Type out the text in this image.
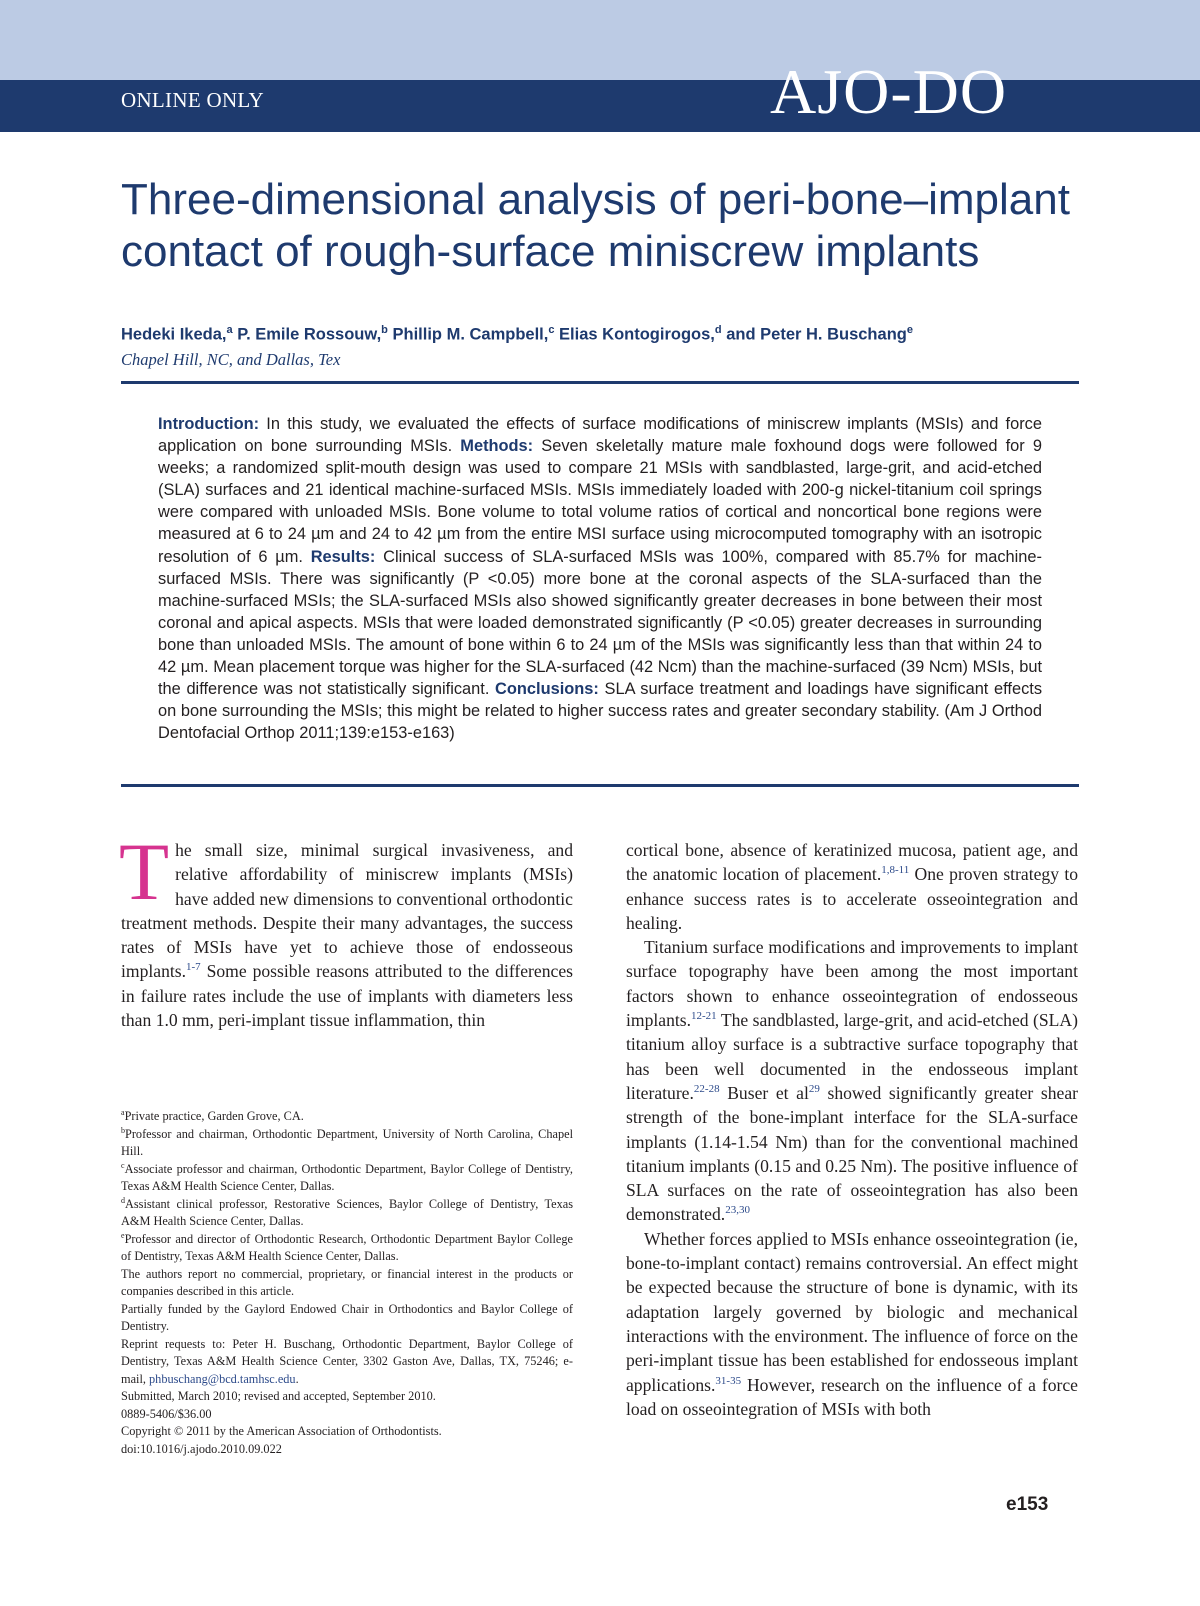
ONLINE ONLY	AJO-DO
Three-dimensional analysis of peri-bone–implant contact of rough-surface miniscrew implants
Hedeki Ikeda,$^a$ P. Emile Rossouw,$^b$ Phillip M. Campbell,$^c$ Elias Kontogirogos,$^d$ and Peter H. Buschang$^e$
Chapel Hill, NC, and Dallas, Tex
Introduction: In this study, we evaluated the effects of surface modifications of miniscrew implants (MSIs) and force application on bone surrounding MSIs. Methods: Seven skeletally mature male foxhound dogs were followed for 9 weeks; a randomized split-mouth design was used to compare 21 MSIs with sandblasted, large-grit, and acid-etched (SLA) surfaces and 21 identical machine-surfaced MSIs. MSIs immediately loaded with 200-g nickel-titanium coil springs were compared with unloaded MSIs. Bone volume to total volume ratios of cortical and noncortical bone regions were measured at 6 to 24 µm and 24 to 42 µm from the entire MSI surface using microcomputed tomography with an isotropic resolution of 6 µm. Results: Clinical success of SLA-surfaced MSIs was 100%, compared with 85.7% for machine-surfaced MSIs. There was significantly (P <0.05) more bone at the coronal aspects of the SLA-surfaced than the machine-surfaced MSIs; the SLA-surfaced MSIs also showed significantly greater decreases in bone between their most coronal and apical aspects. MSIs that were loaded demonstrated significantly (P <0.05) greater decreases in surrounding bone than unloaded MSIs. The amount of bone within 6 to 24 µm of the MSIs was significantly less than that within 24 to 42 µm. Mean placement torque was higher for the SLA-surfaced (42 Ncm) than the machine-surfaced (39 Ncm) MSIs, but the difference was not statistically significant. Conclusions: SLA surface treatment and loadings have significant effects on bone surrounding the MSIs; this might be related to higher success rates and greater secondary stability. (Am J Orthod Dentofacial Orthop 2011;139:e153-e163)

The small size, minimal surgical invasiveness, and relative affordability of miniscrew implants (MSIs) have added new dimensions to conventional orthodontic treatment methods. Despite their many advantages, the success rates of MSIs have yet to achieve those of endosseous implants.$^{1-7}$ Some possible reasons attributed to the differences in failure rates include the use of implants with diameters less than 1.0 mm, peri-implant tissue inflammation, thin

$^a$Private practice, Garden Grove, CA.

$^b$Professor and chairman, Orthodontic Department, University of North Carolina, Chapel Hill.

$^c$Associate professor and chairman, Orthodontic Department, Baylor College of Dentistry, Texas A&M Health Science Center, Dallas.

$^d$Assistant clinical professor, Restorative Sciences, Baylor College of Dentistry, Texas A&M Health Science Center, Dallas.

$^e$Professor and director of Orthodontic Research, Orthodontic Department Baylor College of Dentistry, Texas A&M Health Science Center, Dallas.

The authors report no commercial, proprietary, or financial interest in the products or companies described in this article.

Partially funded by the Gaylord Endowed Chair in Orthodontics and Baylor College of Dentistry.

Reprint requests to: Peter H. Buschang, Orthodontic Department, Baylor College of Dentistry, Texas A&M Health Science Center, 3302 Gaston Ave, Dallas, TX, 75246; e-mail, phbuschang@bcd.tamhsc.edu.

Submitted, March 2010; revised and accepted, September 2010.

0889-5406/$36.00

Copyright © 2011 by the American Association of Orthodontists.

doi:10.1016/j.ajodo.2010.09.022

cortical bone, absence of keratinized mucosa, patient age, and the anatomic location of placement.$^{1,8-11}$ One proven strategy to enhance success rates is to accelerate osseointegration and healing.

Titanium surface modifications and improvements to implant surface topography have been among the most important factors shown to enhance osseointegration of endosseous implants.$^{12-21}$ The sandblasted, large-grit, and acid-etched (SLA) titanium alloy surface is a subtractive surface topography that has been well documented in the endosseous implant literature.$^{22-28}$ Buser et $al^{29}$ showed significantly greater shear strength of the bone-implant interface for the SLA-surface implants (1.14-1.54 Nm) than for the conventional machined titanium implants (0.15 and 0.25 Nm). The positive influence of SLA surfaces on the rate of osseointegration has also been demonstrated.$^{23,30}$

Whether forces applied to MSIs enhance osseointegration (ie, bone-to-implant contact) remains controversial. An effect might be expected because the structure of bone is dynamic, with its adaptation largely governed by biologic and mechanical interactions with the environment. The influence of force on the peri-implant tissue has been established for endosseous implant applications.$^{31-35}$ However, research on the influence of a force load on osseointegration of MSIs with both

e153
